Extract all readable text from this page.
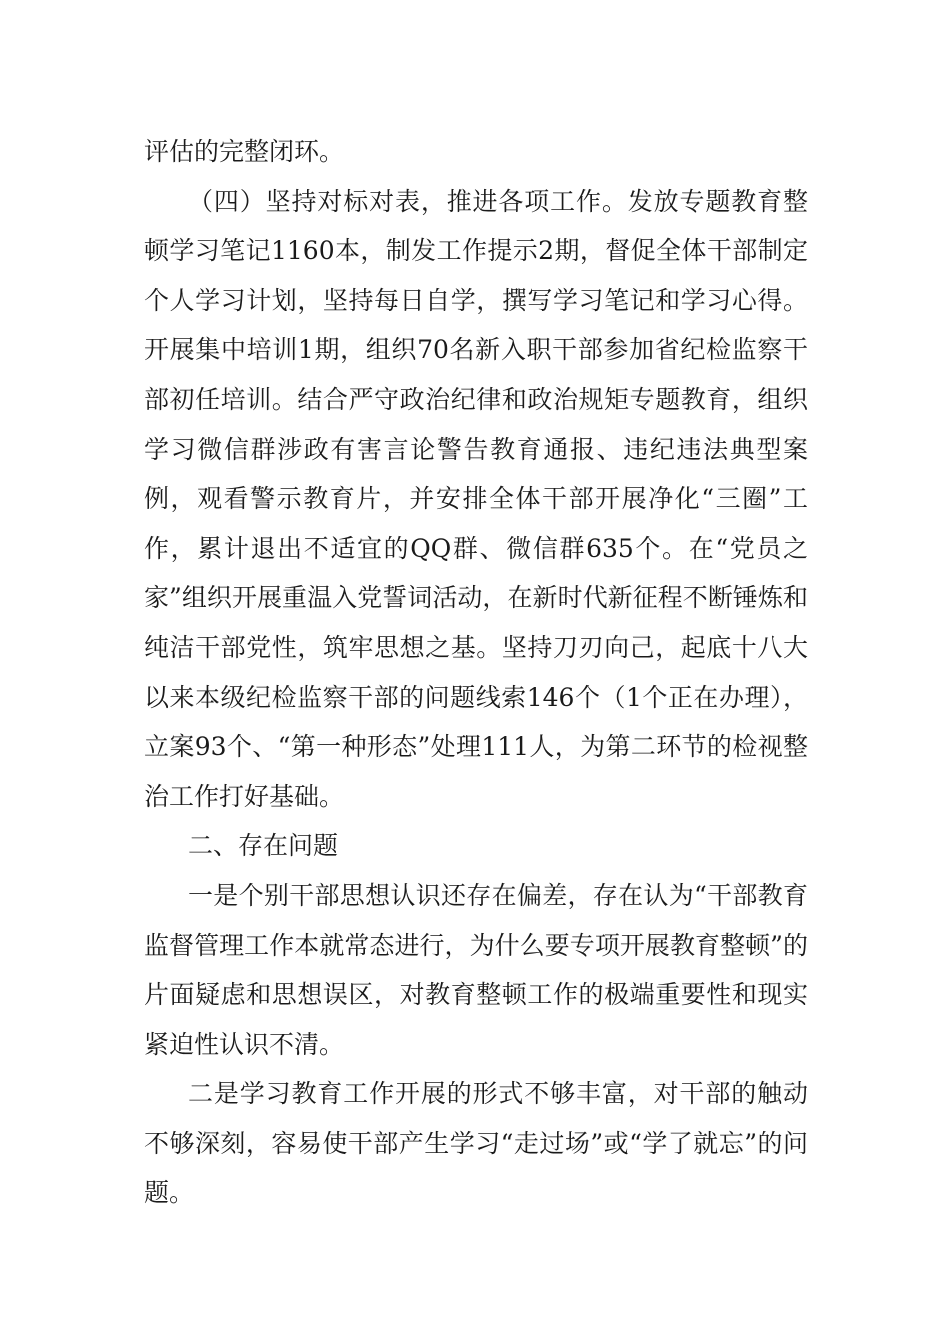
评估的完整闭环。

（四）坚持对标对表，推进各项工作。发放专题教育整顿学习笔记1160本，制发工作提示2期，督促全体干部制定个人学习计划，坚持每日自学，撰写学习笔记和学习心得。开展集中培训1期，组织70名新入职干部参加省纪检监察干部初任培训。结合严守政治纪律和政治规矩专题教育，组织学习微信群涉政有害言论警告教育通报、违纪违法典型案例，观看警示教育片，并安排全体干部开展净化“三圈”工作，累计退出不适宜的QQ群、微信群635个。在“党员之家”组织开展重温入党誓词活动，在新时代新征程不断锤炼和纯洁干部党性，筑牢思想之基。坚持刀刃向己，起底十八大以来本级纪检监察干部的问题线索146个（1个正在办理），立案93个、“第一种形态”处理111人，为第二环节的检视整治工作打好基础。

二、存在问题

一是个别干部思想认识还存在偏差，存在认为“干部教育监督管理工作本就常态进行，为什么要专项开展教育整顿”的片面疑虑和思想误区，对教育整顿工作的极端重要性和现实紧迫性认识不清。

二是学习教育工作开展的形式不够丰富，对干部的触动不够深刻，容易使干部产生学习“走过场”或“学了就忘”的问题。
